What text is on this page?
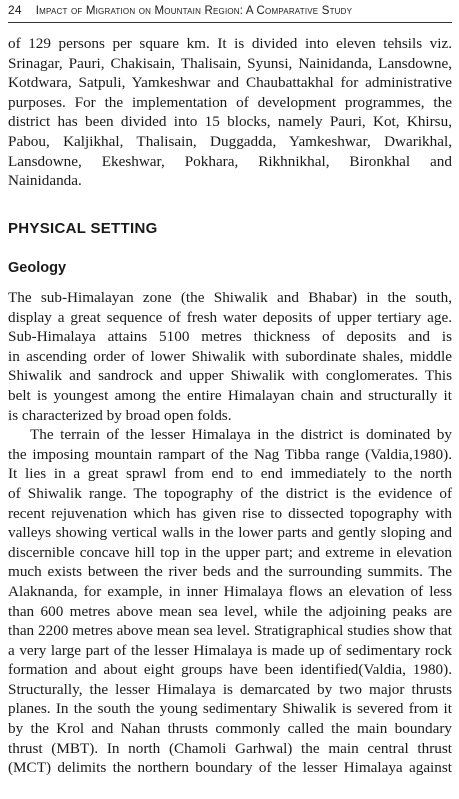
24 Impact of Migration on Mountain Region: A Comparative Study
of 129 persons per square km. It is divided into eleven tehsils viz.
Srinagar, Pauri, Chakisain, Thalisain, Syunsi, Nainidanda, Lansdowne,
Kotdwara, Satpuli, Yamkeshwar and Chaubattakhal for administrative
purposes. For the implementation of development programmes, the
district has been divided into 15 blocks, namely Pauri, Kot, Khirsu,
Pabou, Kaljikhal, Thalisain, Duggadda, Yamkeshwar, Dwarikhal,
Lansdowne, Ekeshwar, Pokhara, Rikhnikhal, Bironkhal and
Nainidanda.
PHYSICAL SETTING
Geology
The sub-Himalayan zone (the Shiwalik and Bhabar) in the south,
display a great sequence of fresh water deposits of upper tertiary age.
Sub-Himalaya attains 5100 metres thickness of deposits and is
in ascending order of lower Shiwalik with subordinate shales, middle
Shiwalik and sandrock and upper Shiwalik with conglomerates. This
belt is youngest among the entire Himalayan chain and structurally it
is characterized by broad open folds.
The terrain of the lesser Himalaya in the district is dominated by
the imposing mountain rampart of the Nag Tibba range (Valdia,1980).
It lies in a great sprawl from end to end immediately to the north
of Shiwalik range. The topography of the district is the evidence of
recent rejuvenation which has given rise to dissected topography with
valleys showing vertical walls in the lower parts and gently sloping and
discernible concave hill top in the upper part; and extreme in elevation
much exists between the river beds and the surrounding summits. The
Alaknanda, for example, in inner Himalaya flows an elevation of less
than 600 metres above mean sea level, while the adjoining peaks are
than 2200 metres above mean sea level. Stratigraphical studies show that
a very large part of the lesser Himalaya is made up of sedimentary rock
formation and about eight groups have been identified(Valdia, 1980).
Structurally, the lesser Himalaya is demarcated by two major thrusts
planes. In the south the young sedimentary Shiwalik is severed from it
by the Krol and Nahan thrusts commonly called the main boundary
thrust (MBT). In north (Chamoli Garhwal) the main central thrust
(MCT) delimits the northern boundary of the lesser Himalaya against
